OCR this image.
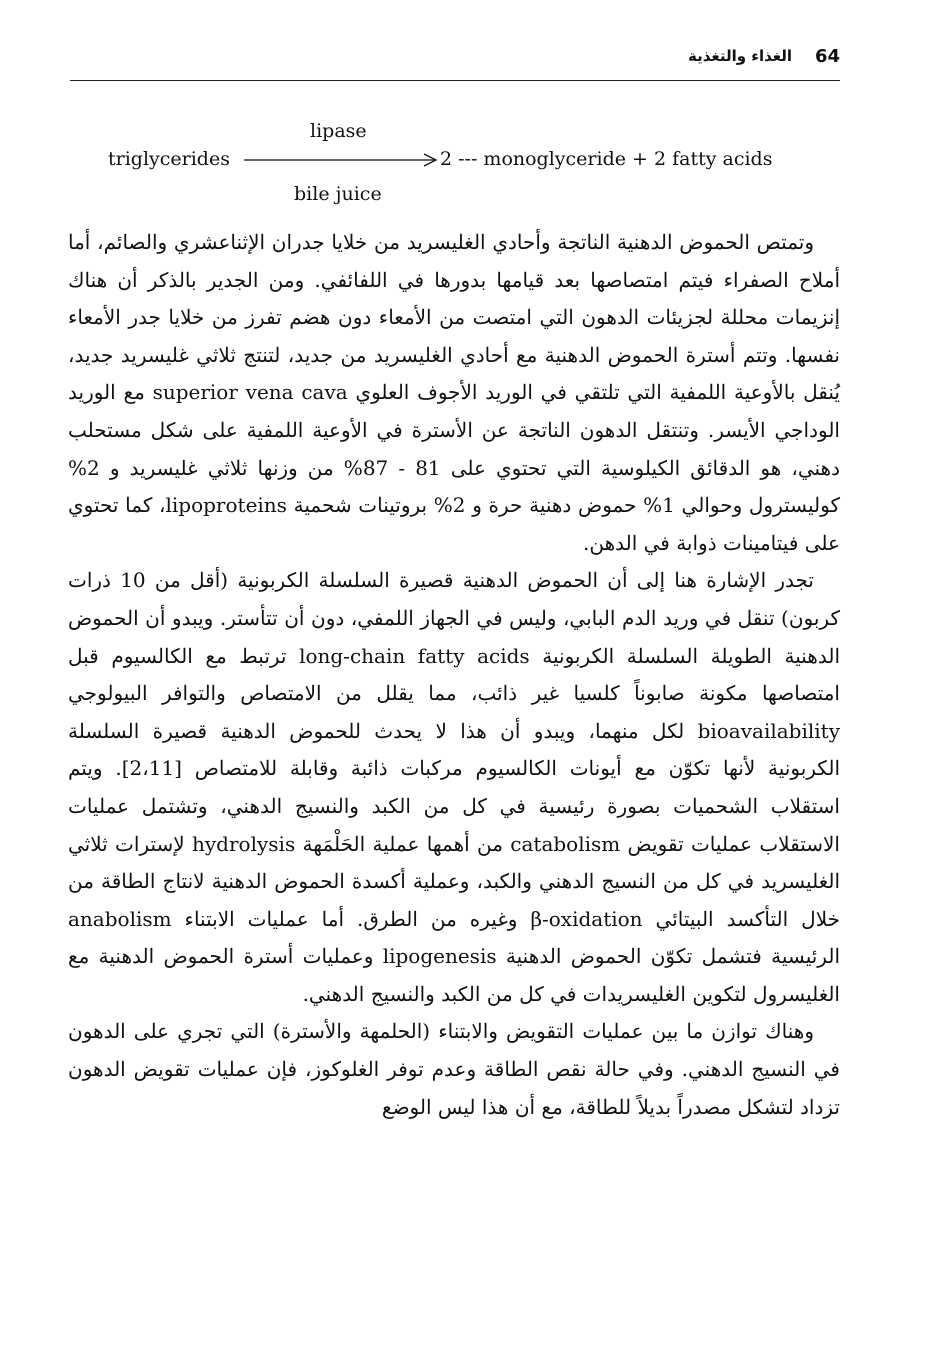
الغذاء والتغذية 64
lipase
triglycerides	2 --- monoglyceride + 2 fatty acids
bile juice

وتمتص الحموض الدهنية الناتجة وأحادي الغليسريد من خلايا جدران الإثناعشري والصائم، أما أملاح الصفراء فيتم امتصاصها بعد قيامها بدورها في اللفائفي. ومن الجدير بالذكر أن هناك إنزيمات محللة لجزيئات الدهون التي امتصت من الأمعاء دون هضم تفرز من خلايا جدر الأمعاء نفسها. وتتم أسترة الحموض الدهنية مع أحادي الغليسريد من جديد، لتنتج ثلاثي غليسريد جديد، يُنقل بالأوعية اللمفية التي تلتقي في الوريد الأجوف العلوي superior vena cava مع الوريد الوداجي الأيسر. وتنتقل الدهون الناتجة عن الأسترة في الأوعية اللمفية على شكل مستحلب دهني، هو الدقائق الكيلوسية التي تحتوي على 81 - 87% من وزنها ثلاثي غليسريد و 2% كوليسترول وحوالي 1% حموض دهنية حرة و 2% بروتينات شحمية lipoproteins، كما تحتوي على فيتامينات ذوابة في الدهن.

تجدر الإشارة هنا إلى أن الحموض الدهنية قصيرة السلسلة الكربونية (أقل من 10 ذرات كربون) تنقل في وريد الدم البابي، وليس في الجهاز اللمفي، دون أن تتأستر. ويبدو أن الحموض الدهنية الطويلة السلسلة الكربونية long-chain fatty acids ترتبط مع الكالسيوم قبل امتصاصها مكونة صابوناً كلسيا غير ذائب، مما يقلل من الامتصاص والتوافر البيولوجي bioavailability لكل منهما، ويبدو أن هذا لا يحدث للحموض الدهنية قصيرة السلسلة الكربونية لأنها تكوّن مع أيونات الكالسيوم مركبات ذائبة وقابلة للامتصاص [2،11]. ويتم استقلاب الشحميات بصورة رئيسية في كل من الكبد والنسيج الدهني، وتشتمل عمليات الاستقلاب عمليات تقويض catabolism من أهمها عملية الحَلْمَهة hydrolysis لإسترات ثلاثي الغليسريد في كل من النسيج الدهني والكبد، وعملية أكسدة الحموض الدهنية لانتاج الطاقة من خلال التأكسد البيتائي β-oxidation وغيره من الطرق. أما عمليات الابتناء anabolism الرئيسية فتشمل تكوّن الحموض الدهنية lipogenesis وعمليات أسترة الحموض الدهنية مع الغليسرول لتكوين الغليسريدات في كل من الكبد والنسيج الدهني.

وهناك توازن ما بين عمليات التقويض والابتناء (الحلمهة والأسترة) التي تجري على الدهون في النسيج الدهني. وفي حالة نقص الطاقة وعدم توفر الغلوكوز، فإن عمليات تقويض الدهون تزداد لتشكل مصدراً بديلاً للطاقة، مع أن هذا ليس الوضع
